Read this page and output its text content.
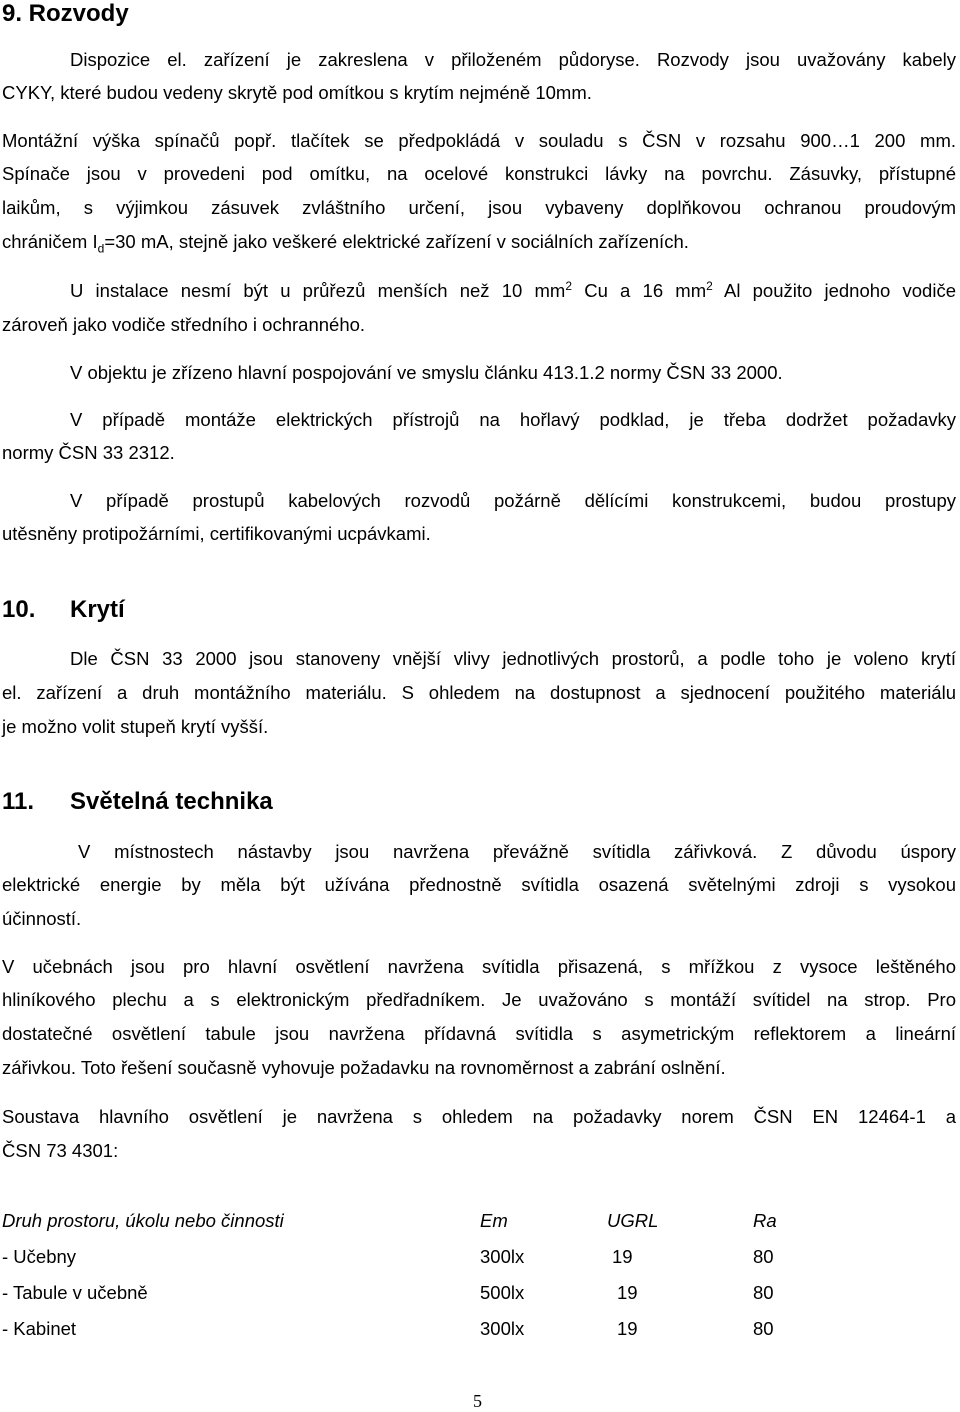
9. Rozvody
Dispozice el. zařízení je zakreslena v přiloženém půdoryse. Rozvody jsou uvažovány kabely
CYKY, které budou vedeny skrytě pod omítkou s krytím nejméně 10mm.
Montážní výška spínačů popř. tlačítek se předpokládá v souladu s ČSN v rozsahu 900…1 200 mm.
Spínače jsou v provedeni pod omítku, na ocelové konstrukci lávky na povrchu. Zásuvky, přístupné
laikům, s výjimkou zásuvek zvláštního určení, jsou vybaveny doplňkovou ochranou proudovým
chráničem $I_d=30$ mA, stejně jako veškeré elektrické zařízení v sociálních zařízeních.
U instalace nesmí být u průřezů menších než 10 $mm^2$ Cu a 16 $mm^2$ Al použito jednoho vodiče
zároveň jako vodiče středního i ochranného.
V objektu je zřízeno hlavní pospojování ve smyslu článku 413.1.2 normy ČSN 33 2000.
V případě montáže elektrických přístrojů na hořlavý podklad, je třeba dodržet požadavky
normy ČSN 33 2312.
V případě prostupů kabelových rozvodů požárně dělícími konstrukcemi, budou prostupy
utěsněny protipožárními, certifikovanými ucpávkami.
10. Krytí
Dle ČSN 33 2000 jsou stanoveny vnější vlivy jednotlivých prostorů, a podle toho je voleno krytí
el. zařízení a druh montážního materiálu. S ohledem na dostupnost a sjednocení použitého materiálu
je možno volit stupeň krytí vyšší.
11. Světelná technika
V místnostech nástavby jsou navržena převážně svítidla zářivková. Z důvodu úspory
elektrické energie by měla být užívána přednostně svítidla osazená světelnými zdroji s vysokou
účinností.
V učebnách jsou pro hlavní osvětlení navržena svítidla přisazená, s mřížkou z vysoce leštěného
hliníkového plechu a s elektronickým předřadníkem. Je uvažováno s montáží svítidel na strop. Pro
dostatečné osvětlení tabule jsou navržena přídavná svítidla s asymetrickým reflektorem a lineární
zářivkou. Toto řešení současně vyhovuje požadavku na rovnoměrnost a zabrání oslnění.
Soustava hlavního osvětlení je navržena s ohledem na požadavky norem ČSN EN 12464-1 a
ČSN 73 4301:
Druh prostoru, úkolu nebo činnosti	Em	UGRL	Ra
- Učebny	300lx	19	80
- Tabule v učebně	500lx	19	80
- Kabinet	300lx	19	80
5
